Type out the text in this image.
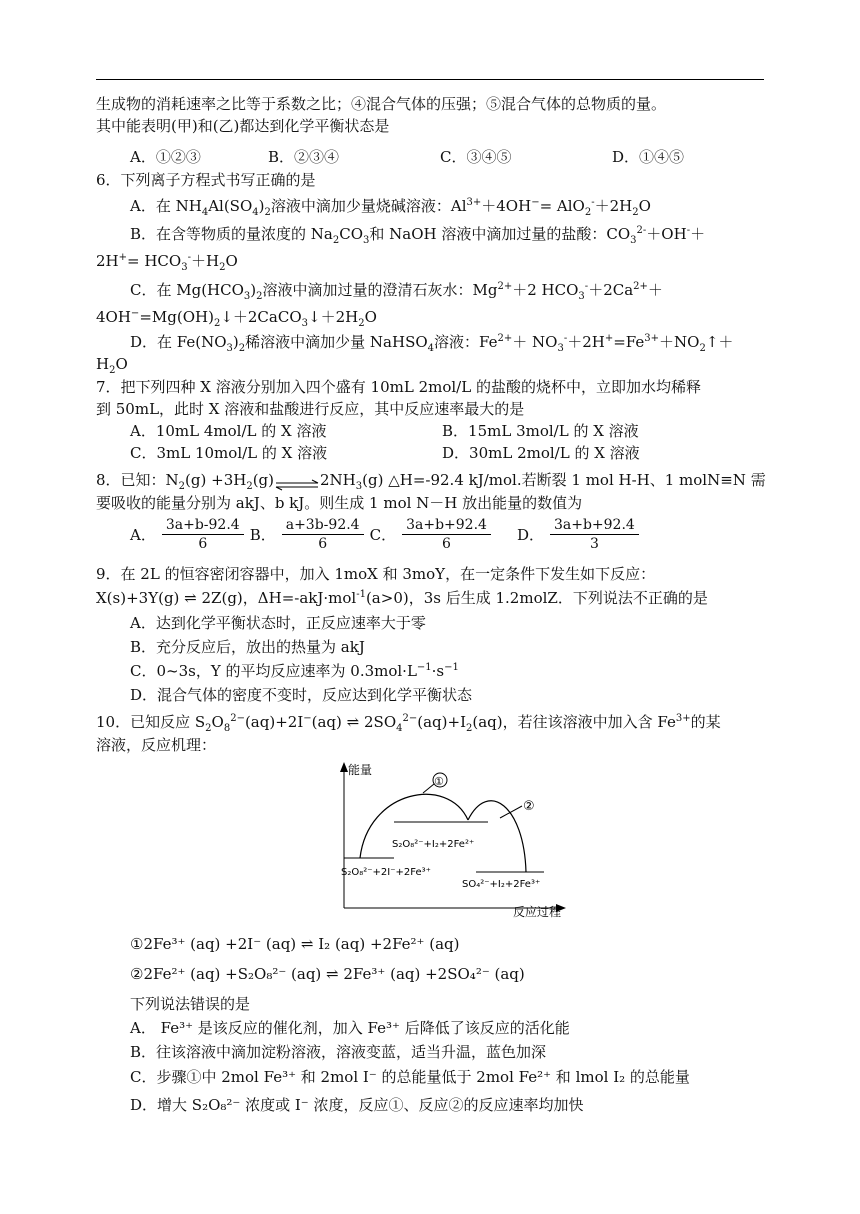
生成物的消耗速率之比等于系数之比；④混合气体的压强；⑤混合气体的总物质的量。
其中能表明(甲)和(乙)都达到化学平衡状态是
A．①②③	B．②③④	C．③④⑤	D．①④⑤
6．下列离子方程式书写正确的是
A．在 $NH_4Al(SO_4)_2$溶液中滴加少量烧碱溶液：$Al^{3+}+4OH^-= AlO_2^-+2H_2O$
B．在含等物质的量浓度的 $Na_2CO_3$和 NaOH 溶液中滴加过量的盐酸：$CO_3^{2-}+OH^-+$
$2H^+= HCO_3^-+H_2O$
C．在 $Mg(HCO_3)_2$溶液中滴加过量的澄清石灰水：$Mg^{2+}+2$ $HCO_3^-+2Ca^{2+}+$
$4OH^-=Mg(OH)_2↓+2CaCO_3↓+2H_2O$
D．在 $Fe(NO_3)_2$稀溶液中滴加少量 NaHSO$_4$溶液：$Fe^{2+}+$ $NO_3^-+2H^+=Fe^{3+}+NO_2↑+$
$H_2O$
7．把下列四种 X 溶液分别加入四个盛有 10mL 2mol/L 的盐酸的烧杯中，立即加水均稀释
到 50mL，此时 X 溶液和盐酸进行反应，其中反应速率最大的是
A．10mL 4mol/L 的 X 溶液	B．15mL 3mol/L 的 X 溶液
C．3mL 10mol/L 的 X 溶液	D．30mL 2mol/L 的 X 溶液
8．已知：$N_2(g)$ $+3H_2(g)\rightleftharpoons 2NH_3(g)$ △H=-92.4 kJ/mol.若断裂 1 mol H-H、1 molN≡N 需
要吸收的能量分别为 akJ、b kJ。则生成 1 mol N－H 放出能量的数值为
A． $\frac{3a+b-92.4}{6}$ B． $\frac{a+3b-92.4}{6}$ C． $\frac{3a+b+92.4}{6}$ D． $\frac{3a+b+92.4}{3}$
9．在 2L 的恒容密闭容器中，加入 1moX 和 3moY，在一定条件下发生如下反应：
X(s)+3Y(g) ⇌ 2Z(g)，ΔH=-akJ·mol$^{-1}$(a>0)，3s 后生成 1.2molZ．下列说法不正确的是
A．达到化学平衡状态时，正反应速率大于零
B．充分反应后，放出的热量为 akJ
C．0~3s，Y 的平均反应速率为 $0.3mol\cdot L^{-1}\cdot s^{-1}$
D．混合气体的密度不变时，反应达到化学平衡状态
10．已知反应 $S_2O_8^{2-}(aq)+2I^-(aq)$ ⇌ $2SO_4^{2-}(aq)+I_2(aq)$，若往该溶液中加入含 $Fe^{3+}$的某
溶液，反应机理：
能量
反应过程
①
②
S₂O₈²⁻+2I⁻+2Fe³⁺
S₂O₈²⁻+I₂+2Fe²⁺
SO₄²⁻+I₂+2Fe³⁺
①2Fe³⁺ (aq) +2I⁻ (aq) ⇌ I₂ (aq) +2Fe²⁺ (aq)
②2Fe²⁺ (aq) +S₂O₈²⁻ (aq) ⇌ 2Fe³⁺ (aq) +2SO₄²⁻ (aq)
下列说法错误的是
A． Fe³⁺ 是该反应的催化剂，加入 Fe³⁺ 后降低了该反应的活化能
B．往该溶液中滴加淀粉溶液，溶液变蓝，适当升温，蓝色加深
C．步骤①中 2mol Fe³⁺ 和 2mol I⁻ 的总能量低于 2mol Fe²⁺ 和 lmol I₂ 的总能量
D．增大 S₂O₈²⁻ 浓度或 I⁻ 浓度，反应①、反应②的反应速率均加快
